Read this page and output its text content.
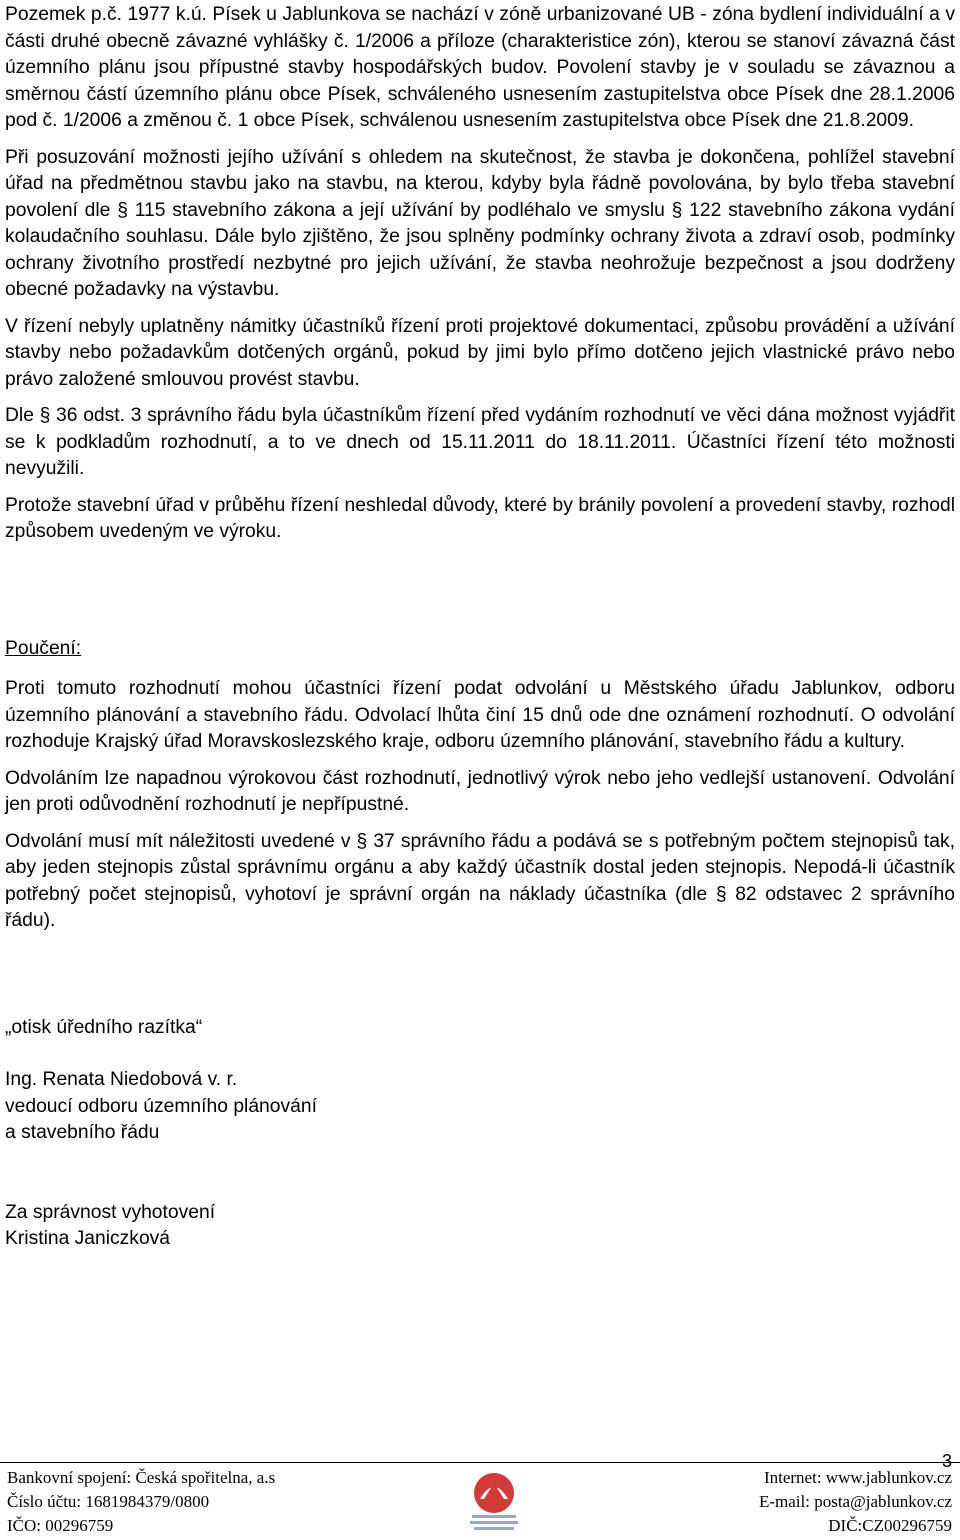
Pozemek p.č. 1977 k.ú. Písek u Jablunkova se nachází v zóně urbanizované UB - zóna bydlení individuální a v části druhé obecně závazné vyhlášky č. 1/2006 a příloze (charakteristice zón), kterou se stanoví závazná část územního plánu jsou přípustné stavby hospodářských budov. Povolení stavby je v souladu se závaznou a směrnou částí územního plánu obce Písek, schváleného usnesením zastupitelstva obce Písek dne 28.1.2006 pod č. 1/2006 a změnou č. 1 obce Písek, schválenou usnesením zastupitelstva obce Písek dne 21.8.2009.

Při posuzování možnosti jejího užívání s ohledem na skutečnost, že stavba je dokončena, pohlížel stavební úřad na předmětnou stavbu jako na stavbu, na kterou, kdyby byla řádně povolována, by bylo třeba stavební povolení dle § 115 stavebního zákona a její užívání by podléhalo ve smyslu § 122 stavebního zákona vydání kolaudačního souhlasu. Dále bylo zjištěno, že jsou splněny podmínky ochrany života a zdraví osob, podmínky ochrany životního prostředí nezbytné pro jejich užívání, že stavba neohrožuje bezpečnost a jsou dodrženy obecné požadavky na výstavbu.

V řízení nebyly uplatněny námitky účastníků řízení proti projektové dokumentaci, způsobu provádění a užívání stavby nebo požadavkům dotčených orgánů, pokud by jimi bylo přímo dotčeno jejich vlastnické právo nebo právo založené smlouvou provést stavbu.

Dle § 36 odst. 3 správního řádu byla účastníkům řízení před vydáním rozhodnutí ve věci dána možnost vyjádřit se k podkladům rozhodnutí, a to ve dnech od 15.11.2011 do 18.11.2011. Účastníci řízení této možnosti nevyužili.

Protože stavební úřad v průběhu řízení neshledal důvody, které by bránily povolení a provedení stavby, rozhodl způsobem uvedeným ve výroku.

Poučení:

Proti tomuto rozhodnutí mohou účastníci řízení podat odvolání u Městského úřadu Jablunkov, odboru územního plánování a stavebního řádu. Odvolací lhůta činí 15 dnů ode dne oznámení rozhodnutí. O odvolání rozhoduje Krajský úřad Moravskoslezského kraje, odboru územního plánování, stavebního řádu a kultury.

Odvoláním lze napadnou výrokovou část rozhodnutí, jednotlivý výrok nebo jeho vedlejší ustanovení. Odvolání jen proti odůvodnění rozhodnutí je nepřípustné.

Odvolání musí mít náležitosti uvedené v § 37 správního řádu a podává se s potřebným počtem stejnopisů tak, aby jeden stejnopis zůstal správnímu orgánu a aby každý účastník dostal jeden stejnopis. Nepodá-li účastník potřebný počet stejnopisů, vyhotoví je správní orgán na náklady účastníka (dle § 82 odstavec 2 správního řádu).

„otisk úředního razítka“
Ing. Renata Niedobová v. r.
vedoucí odboru územního plánování
a stavebního řádu
Za správnost vyhotovení
Kristina Janiczková
Bankovní spojení: Česká spořitelna, a.s
Číslo účtu: 1681984379/0800
IČO: 00296759
3
Internet: www.jablunkov.cz
E-mail: posta@jablunkov.cz
DIČ:CZ00296759
